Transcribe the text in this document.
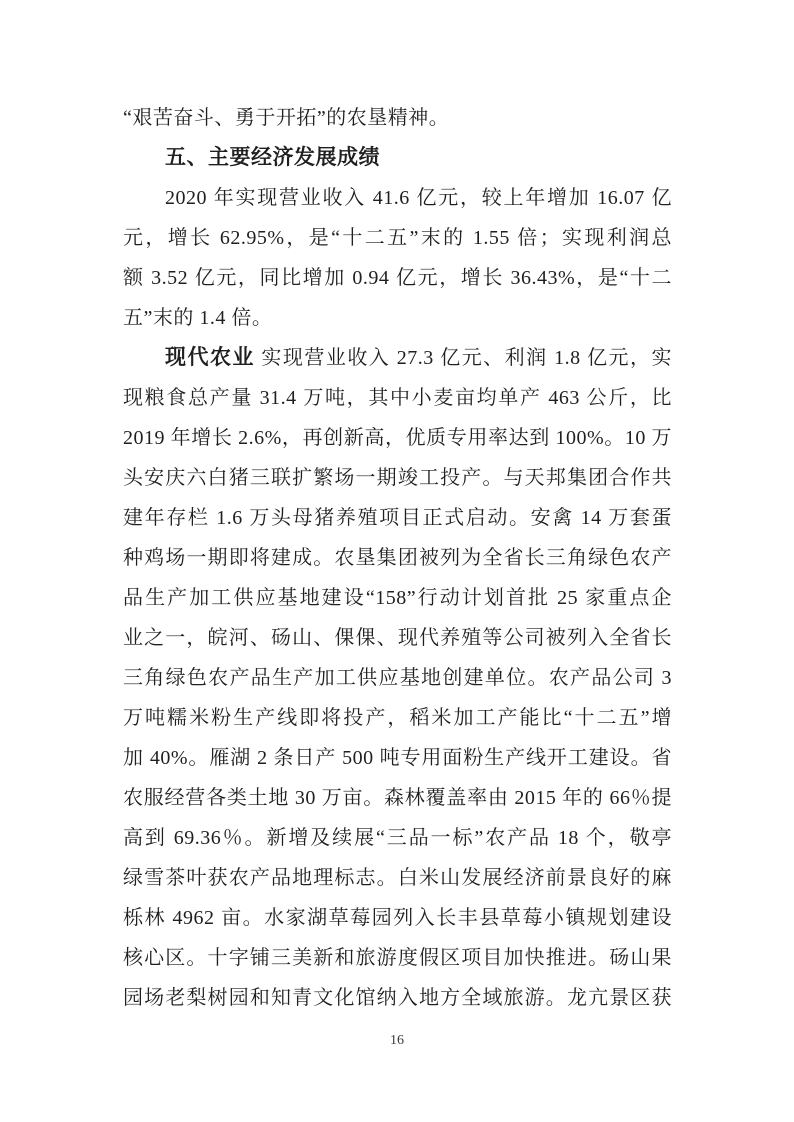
“艰苦奋斗、勇于开拓”的农垦精神。
五、主要经济发展成绩
2020 年实现营业收入 41.6 亿元，较上年增加 16.07 亿
元，增长 62.95%，是“十二五”末的 1.55 倍；实现利润总
额 3.52 亿元，同比增加 0.94 亿元，增长 36.43%，是“十二
五”末的 1.4 倍。
现代农业 实现营业收入 27.3 亿元、利润 1.8 亿元，实
现粮食总产量 31.4 万吨，其中小麦亩均单产 463 公斤，比
2019 年增长 2.6%，再创新高，优质专用率达到 100%。10 万
头安庆六白猪三联扩繁场一期竣工投产。与天邦集团合作共
建年存栏 1.6 万头母猪养殖项目正式启动。安禽 14 万套蛋
种鸡场一期即将建成。农垦集团被列为全省长三角绿色农产
品生产加工供应基地建设“158”行动计划首批 25 家重点企
业之一，皖河、砀山、倮倮、现代养殖等公司被列入全省长
三角绿色农产品生产加工供应基地创建单位。农产品公司 3
万吨糯米粉生产线即将投产，稻米加工产能比“十二五”增
加 40%。雁湖 2 条日产 500 吨专用面粉生产线开工建设。省
农服经营各类土地 30 万亩。森林覆盖率由 2015 年的 66％提
高到 69.36％。新增及续展“三品一标”农产品 18 个，敬亭
绿雪茶叶获农产品地理标志。白米山发展经济前景良好的麻
栎林 4962 亩。水家湖草莓园列入长丰县草莓小镇规划建设
核心区。十字铺三美新和旅游度假区项目加快推进。砀山果
园场老梨树园和知青文化馆纳入地方全域旅游。龙亢景区获
16
